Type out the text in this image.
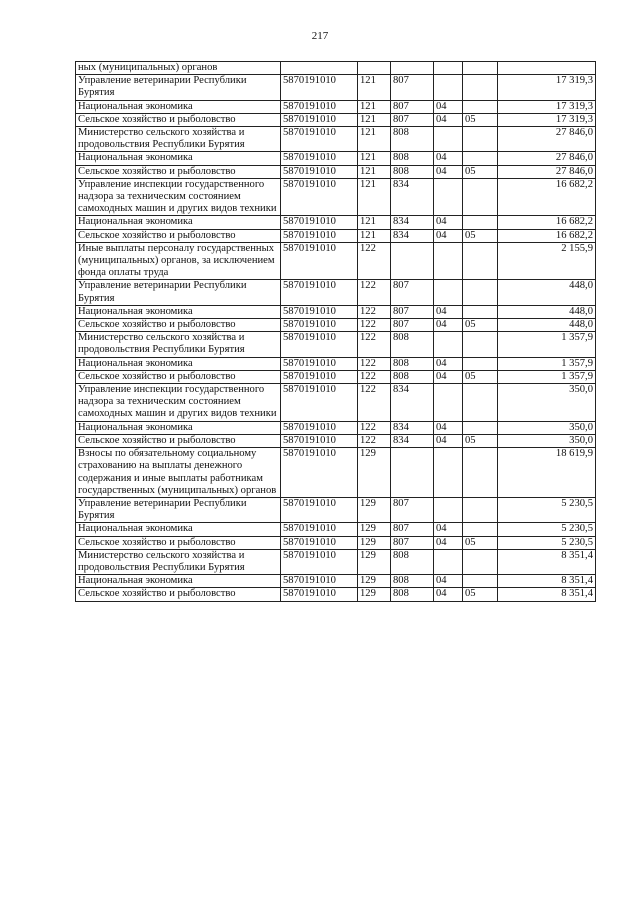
217
ных (муниципальных) органов						
Управление ветеринарии Республики Бурятия	5870191010	121	807			17 319,3
Национальная экономика	5870191010	121	807	04		17 319,3
Сельское хозяйство и рыболовство	5870191010	121	807	04	05	17 319,3
Министерство сельского хозяйства и продовольствия Республики Бурятия	5870191010	121	808			27 846,0
Национальная экономика	5870191010	121	808	04		27 846,0
Сельское хозяйство и рыболовство	5870191010	121	808	04	05	27 846,0
Управление инспекции государственного надзора за техническим состоянием самоходных машин и других видов техники	5870191010	121	834			16 682,2
Национальная экономика	5870191010	121	834	04		16 682,2
Сельское хозяйство и рыболовство	5870191010	121	834	04	05	16 682,2
Иные выплаты персоналу государственных (муниципальных) органов, за исключением фонда оплаты труда	5870191010	122				2 155,9
Управление ветеринарии Республики Бурятия	5870191010	122	807			448,0
Национальная экономика	5870191010	122	807	04		448,0
Сельское хозяйство и рыболовство	5870191010	122	807	04	05	448,0
Министерство сельского хозяйства и продовольствия Республики Бурятия	5870191010	122	808			1 357,9
Национальная экономика	5870191010	122	808	04		1 357,9
Сельское хозяйство и рыболовство	5870191010	122	808	04	05	1 357,9
Управление инспекции государственного надзора за техническим состоянием самоходных машин и других видов техники	5870191010	122	834			350,0
Национальная экономика	5870191010	122	834	04		350,0
Сельское хозяйство и рыболовство	5870191010	122	834	04	05	350,0
Взносы по обязательному социальному страхованию на выплаты денежного содержания и иные выплаты работникам государственных (муниципальных) органов	5870191010	129				18 619,9
Управление ветеринарии Республики Бурятия	5870191010	129	807			5 230,5
Национальная экономика	5870191010	129	807	04		5 230,5
Сельское хозяйство и рыболовство	5870191010	129	807	04	05	5 230,5
Министерство сельского хозяйства и продовольствия Республики Бурятия	5870191010	129	808			8 351,4
Национальная экономика	5870191010	129	808	04		8 351,4
Сельское хозяйство и рыболовство	5870191010	129	808	04	05	8 351,4
